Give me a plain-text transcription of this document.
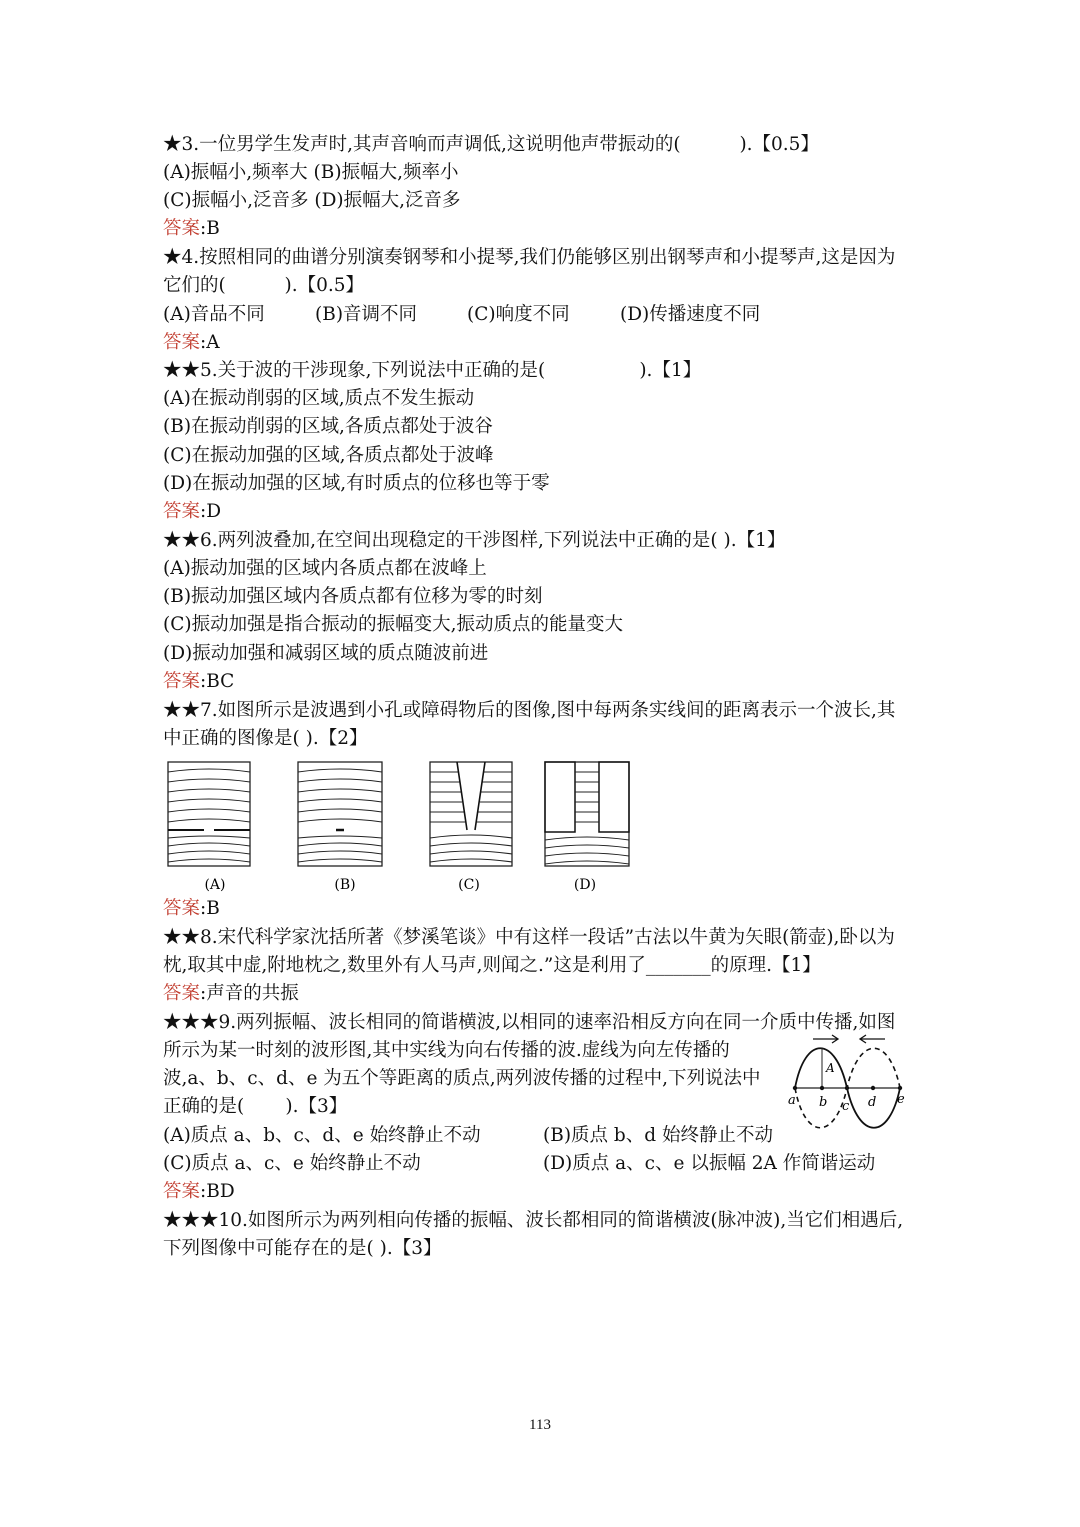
★3.一位男学生发声时,其声音响而声调低,这说明他声带振动的(          ).【0.5】
(A)振幅小,频率大 (B)振幅大,频率小
(C)振幅小,泛音多 (D)振幅大,泛音多
答案:B
★4.按照相同的曲谱分别演奏钢琴和小提琴,我们仍能够区别出钢琴声和小提琴声,这是因为
它们的(          ).【0.5】
(A)音品不同	(B)音调不同	(C)响度不同	(D)传播速度不同
答案:A
★★5.关于波的干涉现象,下列说法中正确的是(                ).【1】
(A)在振动削弱的区域,质点不发生振动
(B)在振动削弱的区域,各质点都处于波谷
(C)在振动加强的区域,各质点都处于波峰
(D)在振动加强的区域,有时质点的位移也等于零
答案:D
★★6.两列波叠加,在空间出现稳定的干涉图样,下列说法中正确的是( ).【1】
(A)振动加强的区域内各质点都在波峰上
(B)振动加强区域内各质点都有位移为零的时刻
(C)振动加强是指合振动的振幅变大,振动质点的能量变大
(D)振动加强和减弱区域的质点随波前进
答案:BC
★★7.如图所示是波遇到小孔或障碍物后的图像,图中每两条实线间的距离表示一个波长,其
中正确的图像是( ).【2】
(A)	(B)	(C)	(D)
答案:B
★★8.宋代科学家沈括所著《梦溪笔谈》中有这样一段话”古法以牛黄为矢眼(箭壶),卧以为
枕,取其中虚,附地枕之,数里外有人马声,则闻之.”这是利用了_______的原理.【1】
答案:声音的共振
★★★9.两列振幅、波长相同的简谐横波,以相同的速率沿相反方向在同一介质中传播,如图
所示为某一时刻的波形图,其中实线为向右传播的波.虚线为向左传播的
波,a、b、c、d、e 为五个等距离的质点,两列波传播的过程中,下列说法中
正确的是(       ).【3】
(A)质点 a、b、c、d、e 始终静止不动	(B)质点 b、d 始终静止不动
(C)质点 a、c、e 始终静止不动	(D)质点 a、c、e 以振幅 2A 作简谐运动
A
a b c d e
答案:BD
★★★10.如图所示为两列相向传播的振幅、波长都相同的简谐横波(脉冲波),当它们相遇后,
下列图像中可能存在的是( ).【3】
113
